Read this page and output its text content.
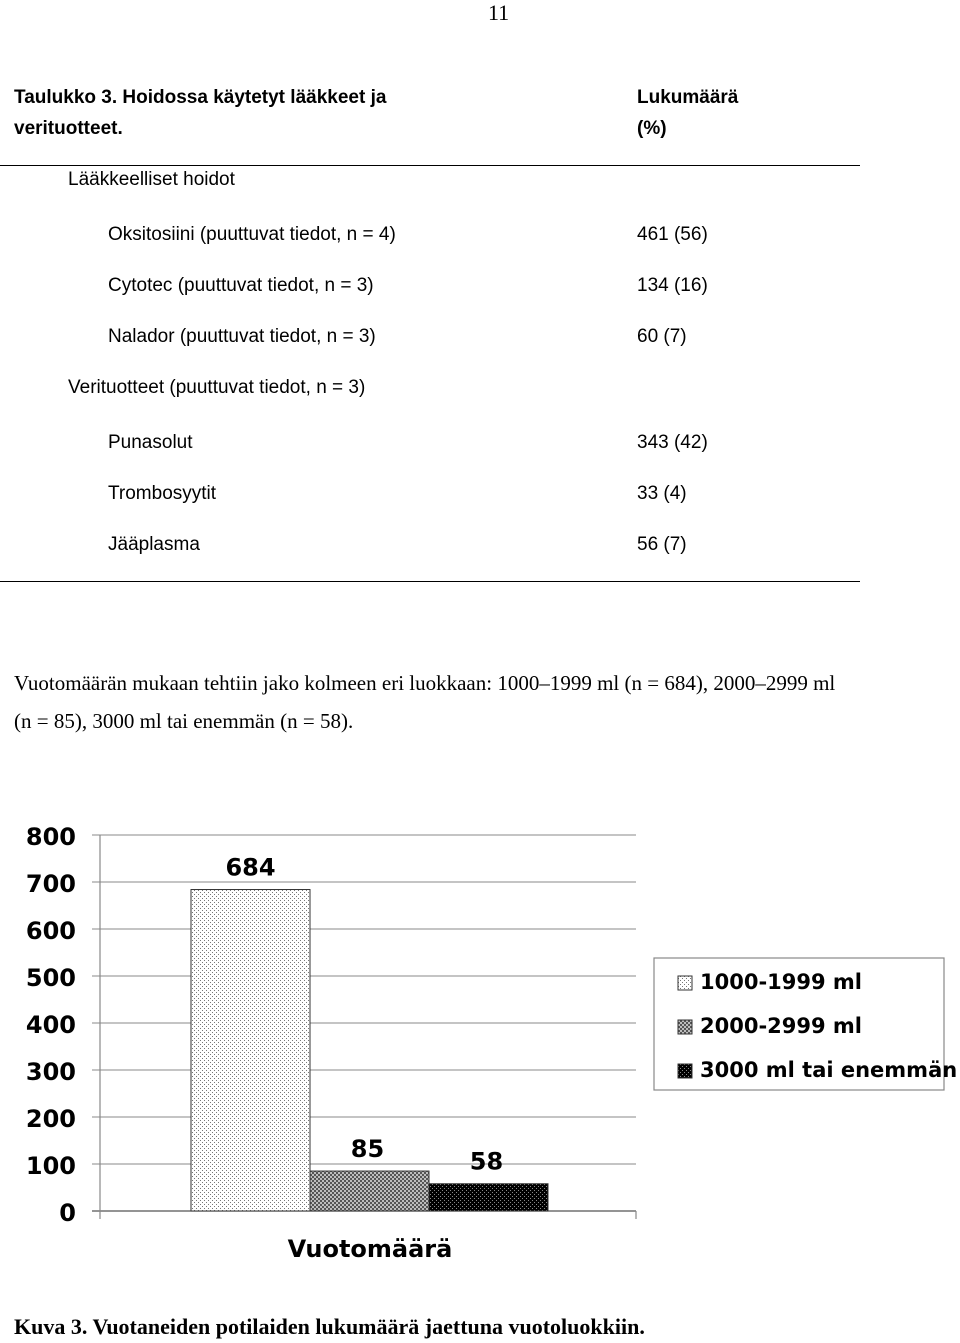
11
Taulukko 3. Hoidossa käytetyt lääkkeet ja
verituotteet.
Lukumäärä
(%)
Lääkkeelliset hoidot
Oksitosiini (puuttuvat tiedot, n = 4)	461 (56)
Cytotec (puuttuvat tiedot, n = 3)	134 (16)
Nalador (puuttuvat tiedot, n = 3)	60 (7)
Verituotteet (puuttuvat tiedot, n = 3)
Punasolut	343 (42)
Trombosyytit	33 (4)
Jääplasma	56 (7)
Vuotomäärän mukaan tehtiin jako kolmeen eri luokkaan: 1000–1999 ml (n = 684), 2000–2999 ml
(n = 85), 3000 ml tai enemmän (n = 58).
0
100
200
300
400
500
600
700
800
684
85	58
Vuotomäärä
1000-1999 ml
2000-2999 ml
3000 ml tai enemmän
Kuva 3. Vuotaneiden potilaiden lukumäärä jaettuna vuotoluokkiin.
